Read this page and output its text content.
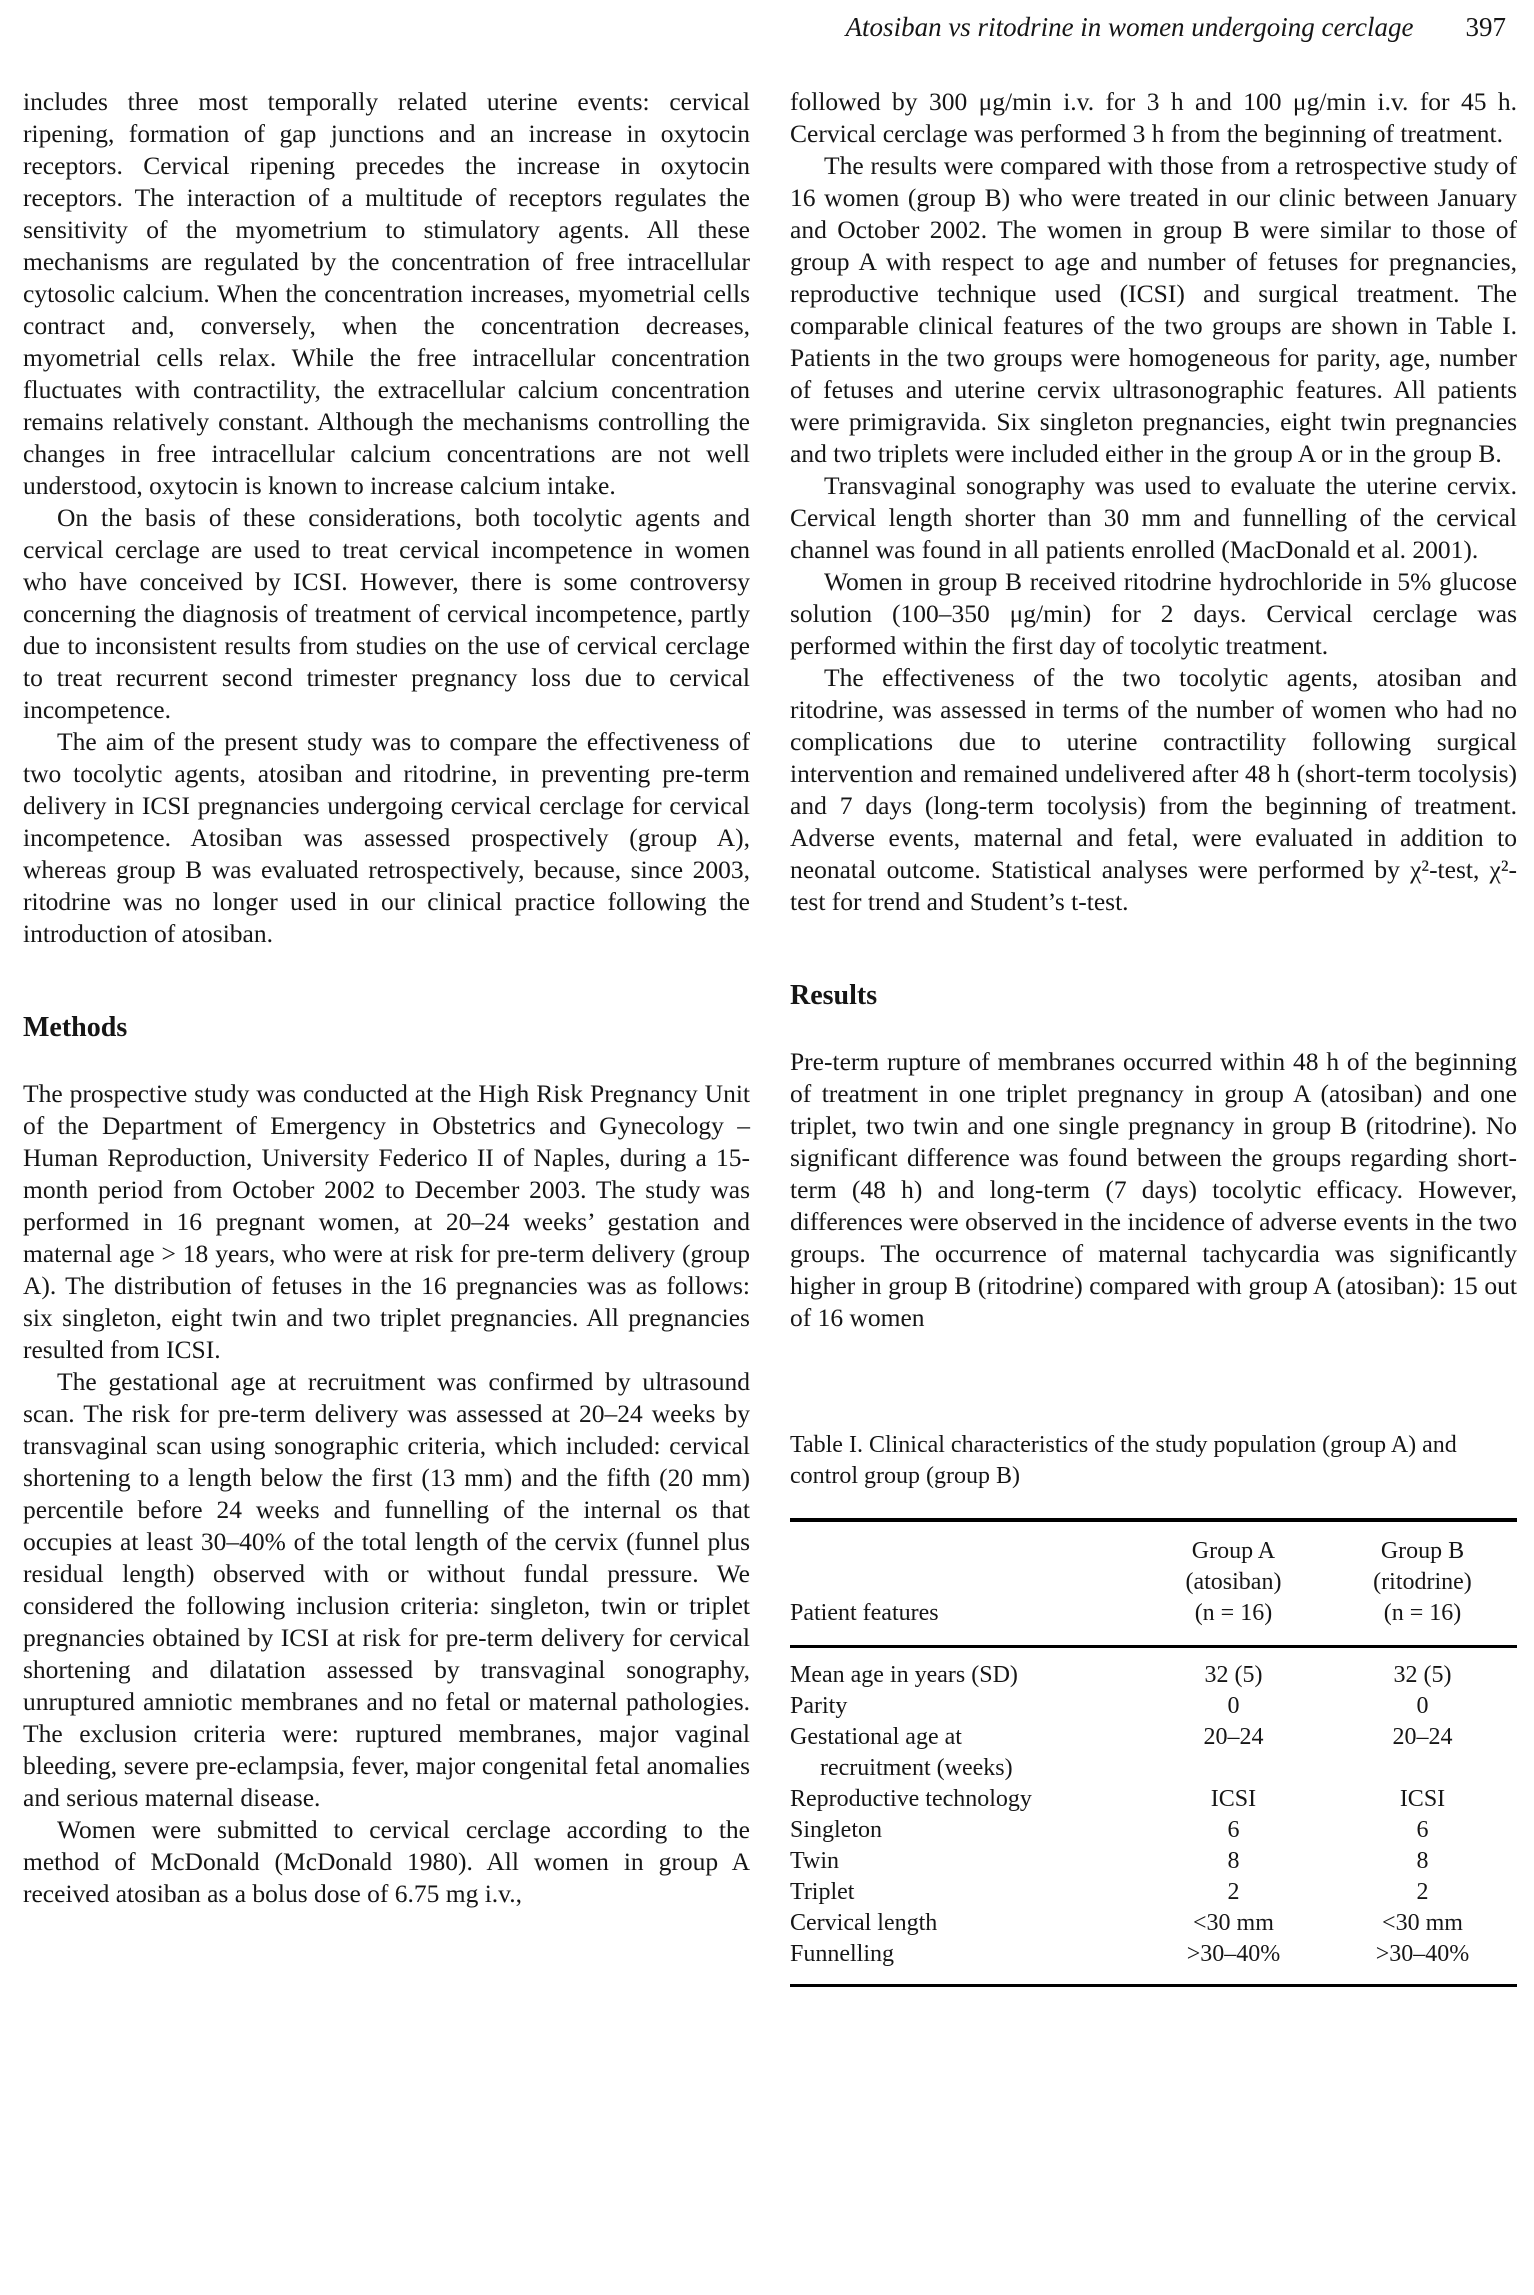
Atosiban vs ritodrine in women undergoing cerclage 397

includes three most temporally related uterine events: cervical ripening, formation of gap junctions and an increase in oxytocin receptors. Cervical ripening precedes the increase in oxytocin receptors. The interaction of a multitude of receptors regulates the sensitivity of the myometrium to stimulatory agents. All these mechanisms are regulated by the concentration of free intracellular cytosolic calcium. When the concentration increases, myometrial cells contract and, conversely, when the concentration decreases, myometrial cells relax. While the free intracellular concentration fluctuates with contractility, the extracellular calcium concentration remains relatively constant. Although the mechanisms controlling the changes in free intracellular calcium concentrations are not well understood, oxytocin is known to increase calcium intake.

On the basis of these considerations, both tocolytic agents and cervical cerclage are used to treat cervical incompetence in women who have conceived by ICSI. However, there is some controversy concerning the diagnosis of treatment of cervical incompetence, partly due to inconsistent results from studies on the use of cervical cerclage to treat recurrent second trimester pregnancy loss due to cervical incompetence.

The aim of the present study was to compare the effectiveness of two tocolytic agents, atosiban and ritodrine, in preventing pre-term delivery in ICSI pregnancies undergoing cervical cerclage for cervical incompetence. Atosiban was assessed prospectively (group A), whereas group B was evaluated retrospectively, because, since 2003, ritodrine was no longer used in our clinical practice following the introduction of atosiban.

Methods

The prospective study was conducted at the High Risk Pregnancy Unit of the Department of Emergency in Obstetrics and Gynecology – Human Reproduction, University Federico II of Naples, during a 15-month period from October 2002 to December 2003. The study was performed in 16 pregnant women, at 20–24 weeks’ gestation and maternal age > 18 years, who were at risk for pre-term delivery (group A). The distribution of fetuses in the 16 pregnancies was as follows: six singleton, eight twin and two triplet pregnancies. All pregnancies resulted from ICSI.

The gestational age at recruitment was confirmed by ultrasound scan. The risk for pre-term delivery was assessed at 20–24 weeks by transvaginal scan using sonographic criteria, which included: cervical shortening to a length below the first (13 mm) and the fifth (20 mm) percentile before 24 weeks and funnelling of the internal os that occupies at least 30–40% of the total length of the cervix (funnel plus residual length) observed with or without fundal pressure. We considered the following inclusion criteria: singleton, twin or triplet pregnancies obtained by ICSI at risk for pre-term delivery for cervical shortening and dilatation assessed by transvaginal sonography, unruptured amniotic membranes and no fetal or maternal pathologies. The exclusion criteria were: ruptured membranes, major vaginal bleeding, severe pre-eclampsia, fever, major congenital fetal anomalies and serious maternal disease.

Women were submitted to cervical cerclage according to the method of McDonald (McDonald 1980). All women in group A received atosiban as a bolus dose of 6.75 mg i.v.,

followed by 300 μg/min i.v. for 3 h and 100 μg/min i.v. for 45 h. Cervical cerclage was performed 3 h from the beginning of treatment.

The results were compared with those from a retrospective study of 16 women (group B) who were treated in our clinic between January and October 2002. The women in group B were similar to those of group A with respect to age and number of fetuses for pregnancies, reproductive technique used (ICSI) and surgical treatment. The comparable clinical features of the two groups are shown in Table I. Patients in the two groups were homogeneous for parity, age, number of fetuses and uterine cervix ultrasonographic features. All patients were primigravida. Six singleton pregnancies, eight twin pregnancies and two triplets were included either in the group A or in the group B.

Transvaginal sonography was used to evaluate the uterine cervix. Cervical length shorter than 30 mm and funnelling of the cervical channel was found in all patients enrolled (MacDonald et al. 2001).

Women in group B received ritodrine hydrochloride in 5% glucose solution (100–350 μg/min) for 2 days. Cervical cerclage was performed within the first day of tocolytic treatment.

The effectiveness of the two tocolytic agents, atosiban and ritodrine, was assessed in terms of the number of women who had no complications due to uterine contractility following surgical intervention and remained undelivered after 48 h (short-term tocolysis) and 7 days (long-term tocolysis) from the beginning of treatment. Adverse events, maternal and fetal, were evaluated in addition to neonatal outcome. Statistical analyses were performed by χ²-test, χ²-test for trend and Student’s t-test.

Results

Pre-term rupture of membranes occurred within 48 h of the beginning of treatment in one triplet pregnancy in group A (atosiban) and one triplet, two twin and one single pregnancy in group B (ritodrine). No significant difference was found between the groups regarding short-term (48 h) and long-term (7 days) tocolytic efficacy. However, differences were observed in the incidence of adverse events in the two groups. The occurrence of maternal tachycardia was significantly higher in group B (ritodrine) compared with group A (atosiban): 15 out of 16 women

Table I. Clinical characteristics of the study population (group A) and control group (group B)

Patient features	Group A
(atosiban)
(n = 16)	Group B
(ritodrine)
(n = 16)

Mean age in years (SD)	32 (5)	32 (5)
Parity	0	0
Gestational age at
recruitment (weeks)	20–24	20–24
Reproductive technology	ICSI	ICSI
Singleton	6	6
Twin	8	8
Triplet	2	2
Cervical length	<30 mm	<30 mm
Funnelling	>30–40%	>30–40%
